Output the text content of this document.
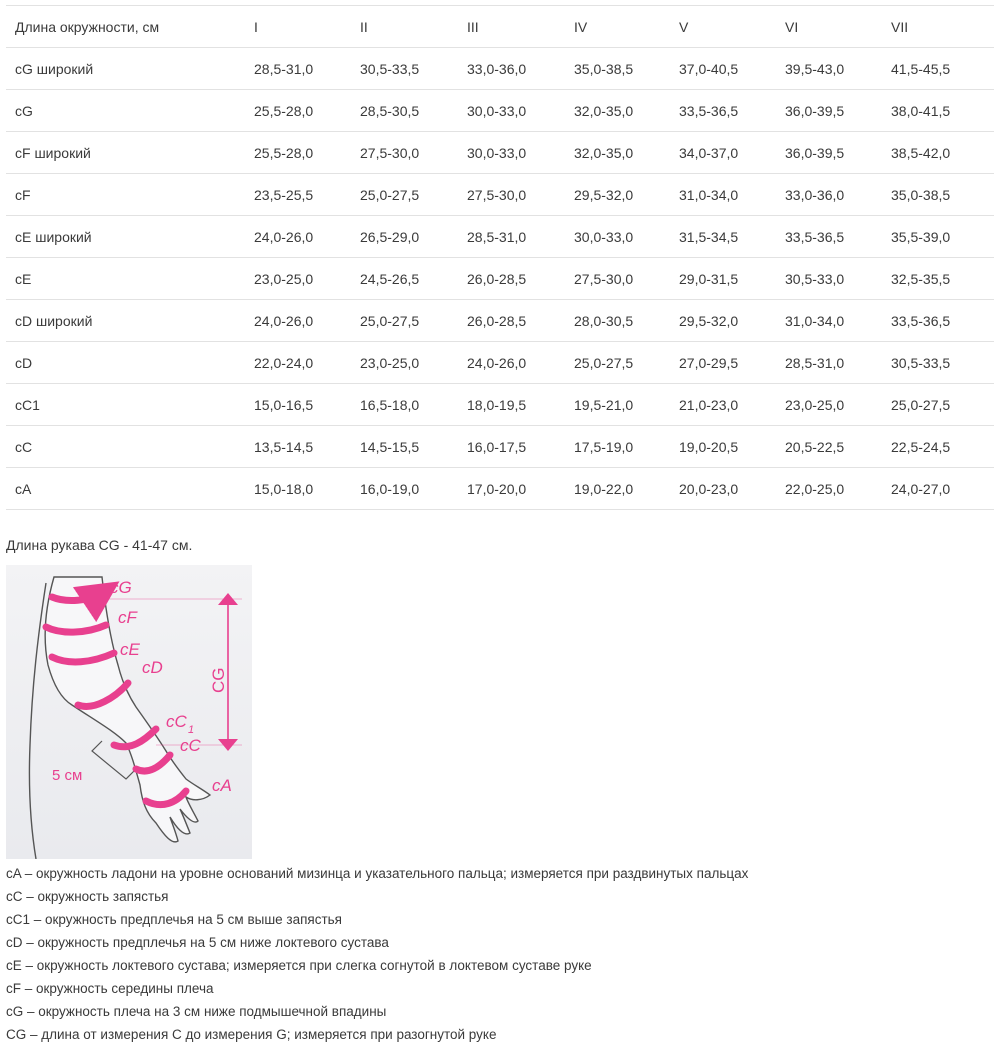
Длина окружности, см	I	II	III	IV	V	VI	VII
cG широкий	28,5-31,0	30,5-33,5	33,0-36,0	35,0-38,5	37,0-40,5	39,5-43,0	41,5-45,5
cG	25,5-28,0	28,5-30,5	30,0-33,0	32,0-35,0	33,5-36,5	36,0-39,5	38,0-41,5
cF широкий	25,5-28,0	27,5-30,0	30,0-33,0	32,0-35,0	34,0-37,0	36,0-39,5	38,5-42,0
cF	23,5-25,5	25,0-27,5	27,5-30,0	29,5-32,0	31,0-34,0	33,0-36,0	35,0-38,5
cE широкий	24,0-26,0	26,5-29,0	28,5-31,0	30,0-33,0	31,5-34,5	33,5-36,5	35,5-39,0
cE	23,0-25,0	24,5-26,5	26,0-28,5	27,5-30,0	29,0-31,5	30,5-33,0	32,5-35,5
cD широкий	24,0-26,0	25,0-27,5	26,0-28,5	28,0-30,5	29,5-32,0	31,0-34,0	33,5-36,5
cD	22,0-24,0	23,0-25,0	24,0-26,0	25,0-27,5	27,0-29,5	28,5-31,0	30,5-33,5
cC1	15,0-16,5	16,5-18,0	18,0-19,5	19,5-21,0	21,0-23,0	23,0-25,0	25,0-27,5
cC	13,5-14,5	14,5-15,5	16,0-17,5	17,5-19,0	19,0-20,5	20,5-22,5	22,5-24,5
cA	15,0-18,0	16,0-19,0	17,0-20,0	19,0-22,0	20,0-23,0	22,0-25,0	24,0-27,0
Длина рукава CG - 41-47 см.
5 см
CG
cG
cF
cE
cD
cC 1
cC
cA
cA – окружность ладони на уровне оснований мизинца и указательного пальца; измеряется при раздвинутых пальцах
cC – окружность запястья
cC1 – окружность предплечья на 5 см выше запястья
cD – окружность предплечья на 5 см ниже локтевого сустава
cE – окружность локтевого сустава; измеряется при слегка согнутой в локтевом суставе руке
cF – окружность середины плеча
cG – окружность плеча на 3 см ниже подмышечной впадины
CG – длина от измерения C до измерения G; измеряется при разогнутой руке
